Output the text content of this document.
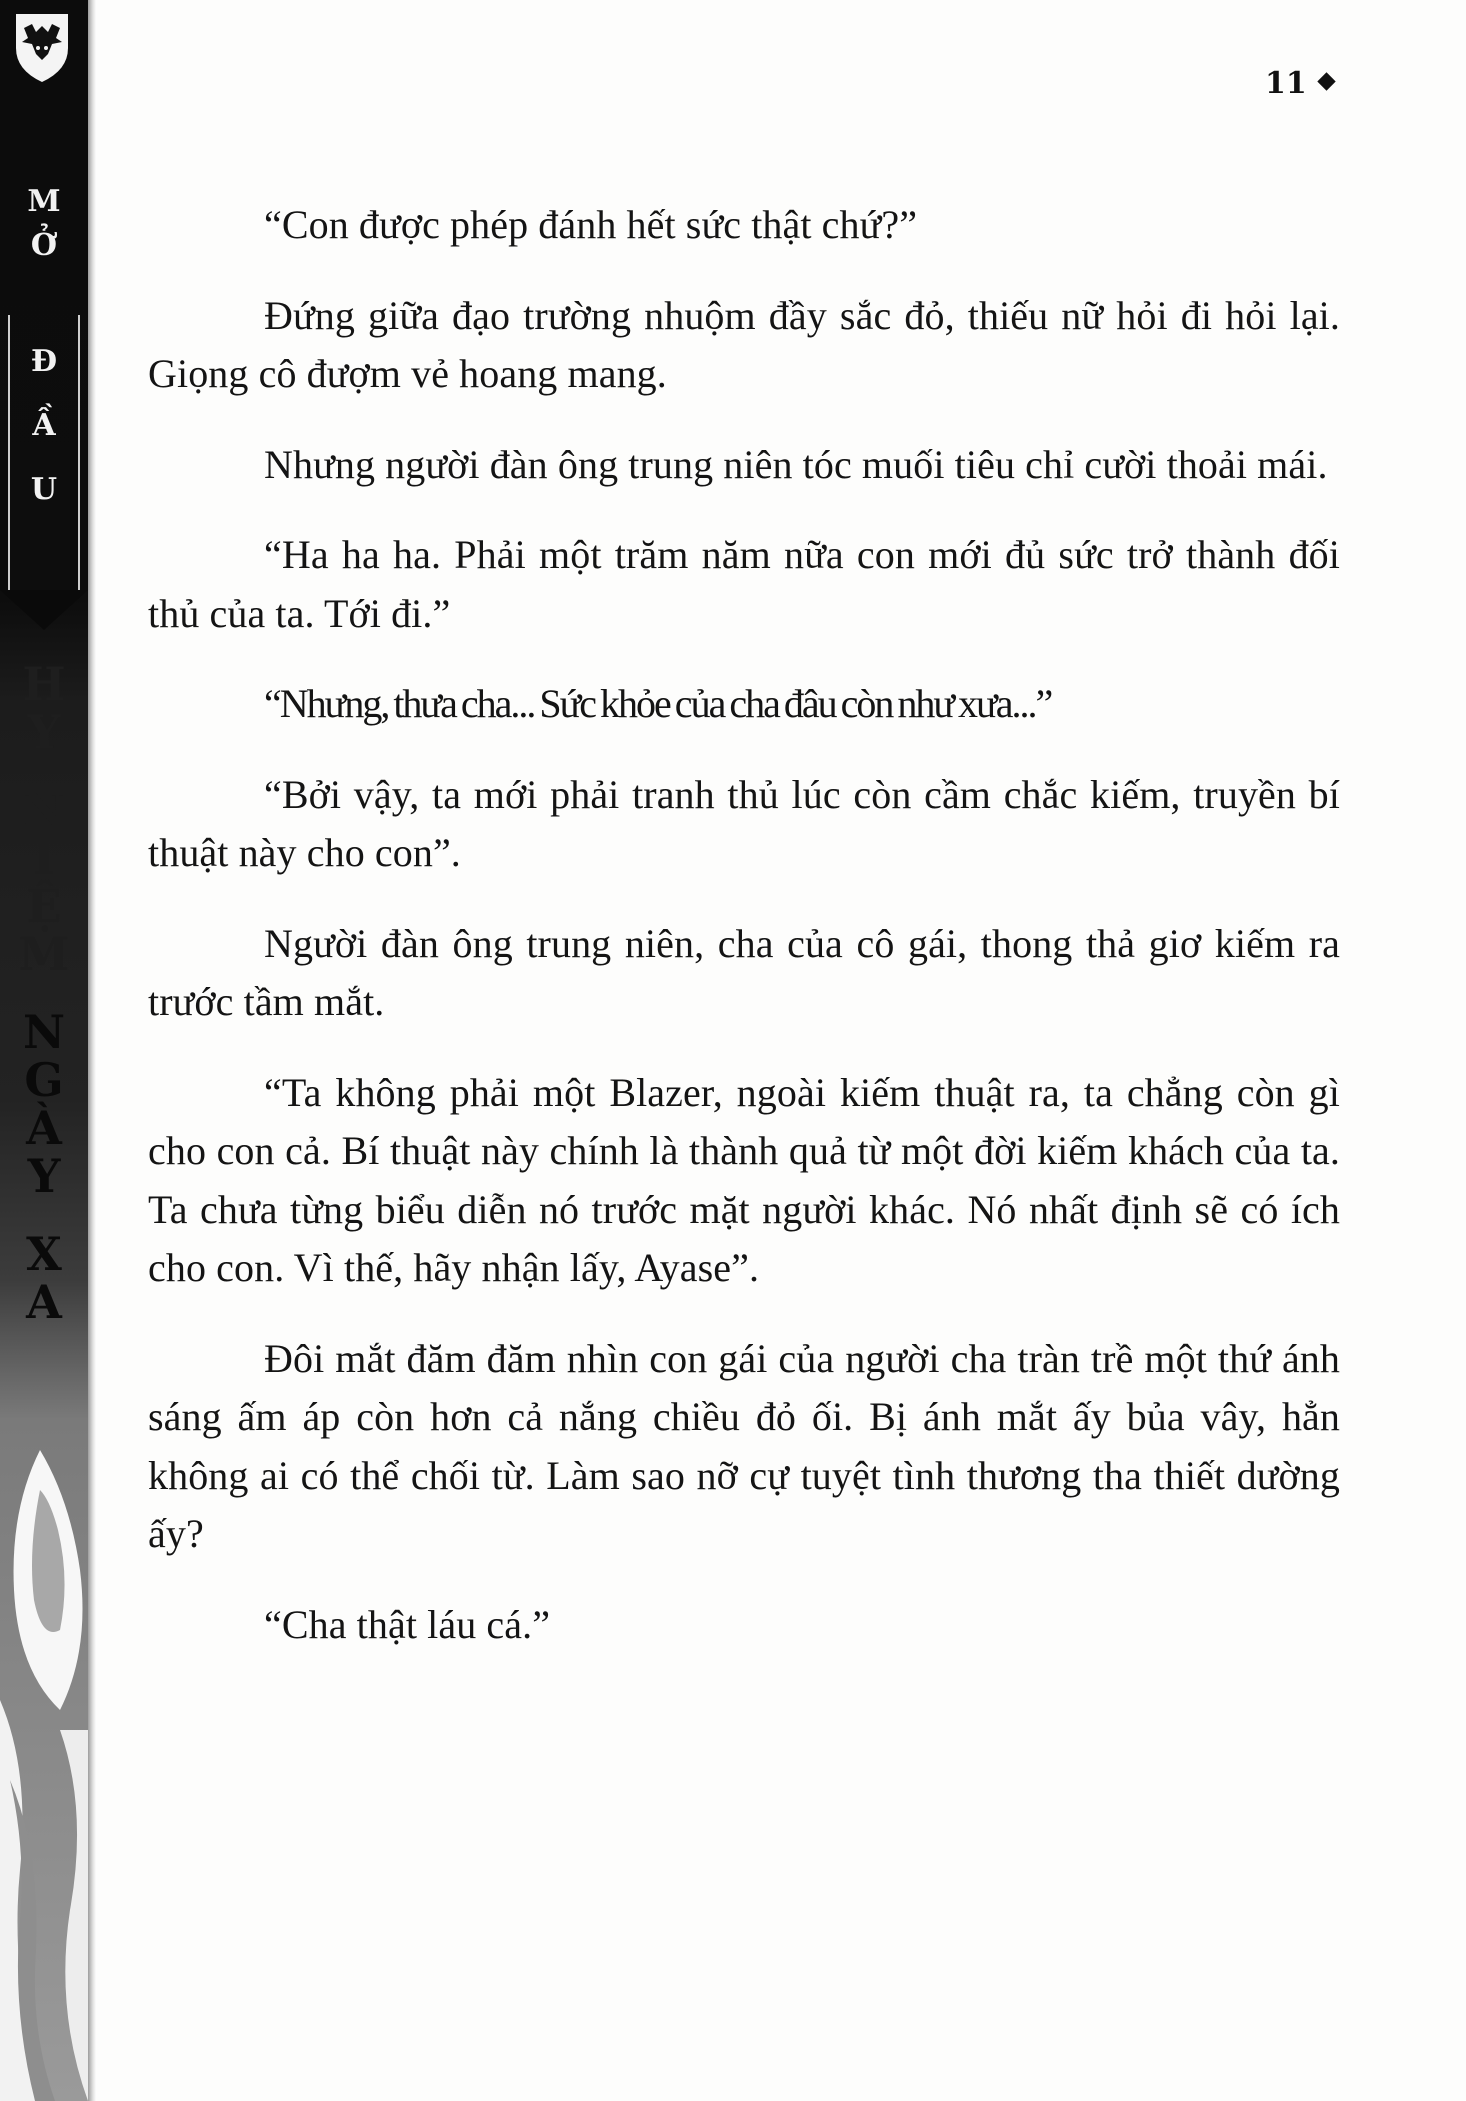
M
Ở
Đ
Ầ
U
H
Y
N
I
Ệ
M
N
G
À
Y
X
A
11

“Con được phép đánh hết sức thật chứ?”

Đứng giữa đạo trường nhuộm đầy sắc đỏ, thiếu nữ hỏi đi hỏi lại. Giọng cô đượm vẻ hoang mang.

Nhưng người đàn ông trung niên tóc muối tiêu chỉ cười thoải mái.

“Ha ha ha. Phải một trăm năm nữa con mới đủ sức trở thành đối thủ của ta. Tới đi.”

“Nhưng, thưa cha... Sức khỏe của cha đâu còn như xưa...”

“Bởi vậy, ta mới phải tranh thủ lúc còn cầm chắc kiếm, truyền bí thuật này cho con”.

Người đàn ông trung niên, cha của cô gái, thong thả giơ kiếm ra trước tầm mắt.

“Ta không phải một Blazer, ngoài kiếm thuật ra, ta chẳng còn gì cho con cả. Bí thuật này chính là thành quả từ một đời kiếm khách của ta. Ta chưa từng biểu diễn nó trước mặt người khác. Nó nhất định sẽ có ích cho con. Vì thế, hãy nhận lấy, Ayase”.

Đôi mắt đăm đăm nhìn con gái của người cha tràn trề một thứ ánh sáng ấm áp còn hơn cả nắng chiều đỏ ối. Bị ánh mắt ấy bủa vây, hẳn không ai có thể chối từ. Làm sao nỡ cự tuyệt tình thương tha thiết dường ấy?

“Cha thật láu cá.”
